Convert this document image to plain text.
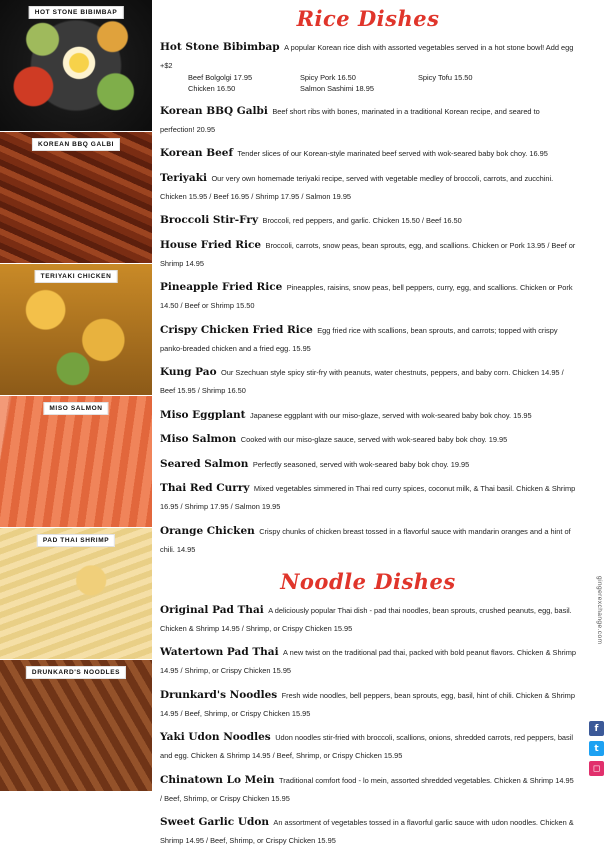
HOT STONE BIBIMBAP
KOREAN BBQ GALBI
TERIYAKI CHICKEN
MISO SALMON
PAD THAI SHRIMP
DRUNKARD'S NOODLES
Rice Dishes
Hot Stone Bibimbap A popular Korean rice dish with assorted vegetables served in a hot stone bowl! Add egg +$2
Beef Bolgolgi 17.95	Spicy Pork 16.50	Spicy Tofu 15.50
Chicken 16.50	Salmon Sashimi 18.95
Korean BBQ Galbi Beef short ribs with bones, marinated in a traditional Korean recipe, and seared to perfection! 20.95
Korean Beef Tender slices of our Korean-style marinated beef served with wok-seared baby bok choy. 16.95
Teriyaki Our very own homemade teriyaki recipe, served with vegetable medley of broccoli, carrots, and zucchini. Chicken 15.95 / Beef 16.95 / Shrimp 17.95 / Salmon 19.95
Broccoli Stir-Fry Broccoli, red peppers, and garlic. Chicken 15.50 / Beef 16.50
House Fried Rice Broccoli, carrots, snow peas, bean sprouts, egg, and scallions. Chicken or Pork 13.95 / Beef or Shrimp 14.95
Pineapple Fried Rice Pineapples, raisins, snow peas, bell peppers, curry, egg, and scallions. Chicken or Pork 14.50 / Beef or Shrimp 15.50
Crispy Chicken Fried Rice Egg fried rice with scallions, bean sprouts, and carrots; topped with crispy panko-breaded chicken and a fried egg. 15.95
Kung Pao Our Szechuan style spicy stir-fry with peanuts, water chestnuts, peppers, and baby corn. Chicken 14.95 / Beef 15.95 / Shrimp 16.50
Miso Eggplant Japanese eggplant with our miso-glaze, served with wok-seared baby bok choy. 15.95
Miso Salmon Cooked with our miso-glaze sauce, served with wok-seared baby bok choy. 19.95
Seared Salmon Perfectly seasoned, served with wok-seared baby bok choy. 19.95
Thai Red Curry Mixed vegetables simmered in Thai red curry spices, coconut milk, & Thai basil. Chicken & Shrimp 16.95 / Shrimp 17.95 / Salmon 19.95
Orange Chicken Crispy chunks of chicken breast tossed in a flavorful sauce with mandarin oranges and a hint of chili. 14.95
Noodle Dishes
Original Pad Thai A deliciously popular Thai dish - pad thai noodles, bean sprouts, crushed peanuts, egg, basil. Chicken & Shrimp 14.95 / Shrimp, or Crispy Chicken 15.95
Watertown Pad Thai A new twist on the traditional pad thai, packed with bold peanut flavors. Chicken & Shrimp 14.95 / Shrimp, or Crispy Chicken 15.95
Drunkard's Noodles Fresh wide noodles, bell peppers, bean sprouts, egg, basil, hint of chili. Chicken & Shrimp 14.95 / Beef, Shrimp, or Crispy Chicken 15.95
Yaki Udon Noodles Udon noodles stir-fried with broccoli, scallions, onions, shredded carrots, red peppers, basil and egg. Chicken & Shrimp 14.95 / Beef, Shrimp, or Crispy Chicken 15.95
Chinatown Lo Mein Traditional comfort food - lo mein, assorted shredded vegetables. Chicken & Shrimp 14.95 / Beef, Shrimp, or Crispy Chicken 15.95
Sweet Garlic Udon An assortment of vegetables tossed in a flavorful garlic sauce with udon noodles. Chicken & Shrimp 14.95 / Beef, Shrimp, or Crispy Chicken 15.95
gingerexchange.com
f
t
◻
